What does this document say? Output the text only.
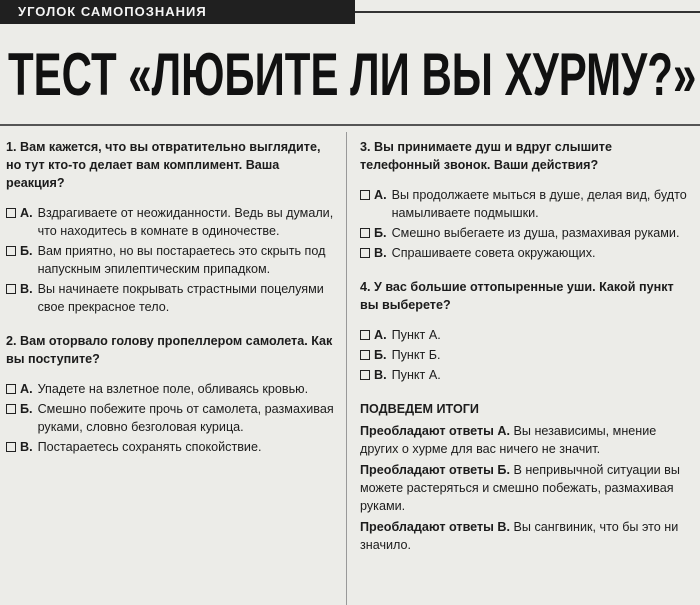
УГОЛОК САМОПОЗНАНИЯ
ТЕСТ «ЛЮБИТЕ ЛИ ВЫ ХУРМУ?»
1. Вам кажется, что вы отвратительно выглядите, но тут кто-то делает вам комплимент. Ваша реакция?
А. Вздрагиваете от неожиданности. Ведь вы думали, что находитесь в комнате в одиночестве.
Б. Вам приятно, но вы постараетесь это скрыть под напускным эпилептическим припадком.
В. Вы начинаете покрывать страстными поцелуями свое прекрасное тело.
2. Вам оторвало голову пропеллером самолета. Как вы поступите?
А. Упадете на взлетное поле, обливаясь кровью.
Б. Смешно побежите прочь от самолета, размахивая руками, словно безголовая курица.
В. Постараетесь сохранять спокойствие.
3. Вы принимаете душ и вдруг слышите телефонный звонок. Ваши действия?
А. Вы продолжаете мыться в душе, делая вид, будто намыливаете подмышки.
Б. Смешно выбегаете из душа, размахивая руками.
В. Спрашиваете совета окружающих.
4. У вас большие оттопыренные уши. Какой пункт вы выберете?
А. Пункт А.
Б. Пункт Б.
В. Пункт А.
ПОДВЕДЕМ ИТОГИ
Преобладают ответы А. Вы независимы, мнение других о хурме для вас ничего не значит.
Преобладают ответы Б. В непривычной ситуации вы можете растеряться и смешно побежать, размахивая руками.
Преобладают ответы В. Вы сангвиник, что бы это ни значило.
